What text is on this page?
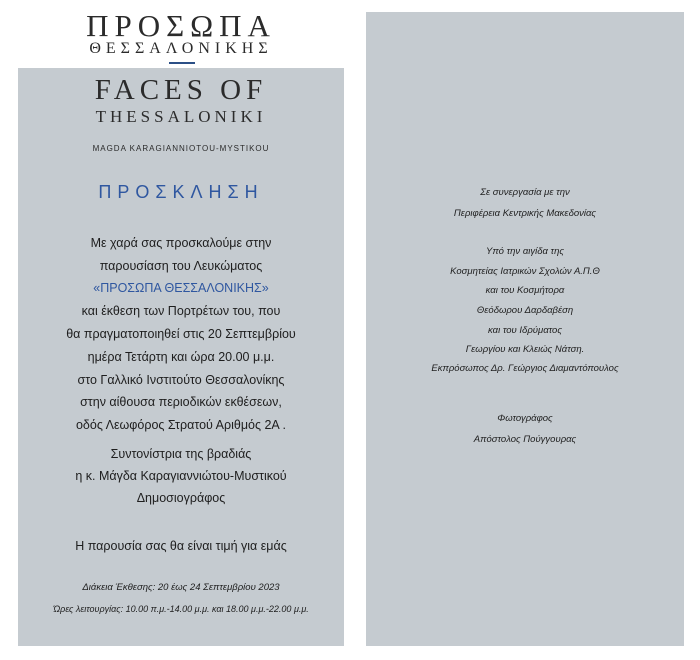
ΠΡΟΣΩΠΑ
ΘΕΣΣΑΛΟΝΙΚΗΣ
FACES OF
THESSALONIKI
MAGDA KARAGIANNIOTOU-MYSTIKOU
ΠΡΟΣΚΛΗΣΗ
Με χαρά σας προσκαλούμε στην
παρουσίαση του Λευκώματος
«ΠΡΟΣΩΠΑ ΘΕΣΣΑΛΟΝΙΚΗΣ»
και έκθεση των Πορτρέτων του, που
θα πραγματοποιηθεί στις 20 Σεπτεμβρίου
ημέρα Τετάρτη και ώρα 20.00 μ.μ.
στο Γαλλικό Ινστιτούτο Θεσσαλονίκης
στην αίθουσα περιοδικών εκθέσεων,
οδός Λεωφόρος Στρατού Αριθμός 2Α .
Συντονίστρια της βραδιάς
η κ. Μάγδα Καραγιαννιώτου-Μυστικού
Δημοσιογράφος
Η παρουσία σας θα είναι τιμή για εμάς
Διάκεια Έκθεσης: 20 έως 24 Σεπτεμβρίου 2023
Ώρες λειτουργίας: 10.00 π.μ.-14.00 μ.μ. και 18.00 μ.μ.-22.00 μ.μ.
Σε συνεργασία με την
Περιφέρεια Κεντρικής Μακεδονίας
Υπό την αιγίδα της
Κοσμητείας Ιατρικών Σχολών Α.Π.Θ
και του Κοσμήτορα
Θεόδωρου Δαρδαβέση
και του Ιδρύματος
Γεωργίου και Κλειώς Νάτση.
Εκπρόσωπος Δρ. Γεώργιος Διαμαντόπουλος
Φωτογράφος
Απόστολος Πούγγουρας
